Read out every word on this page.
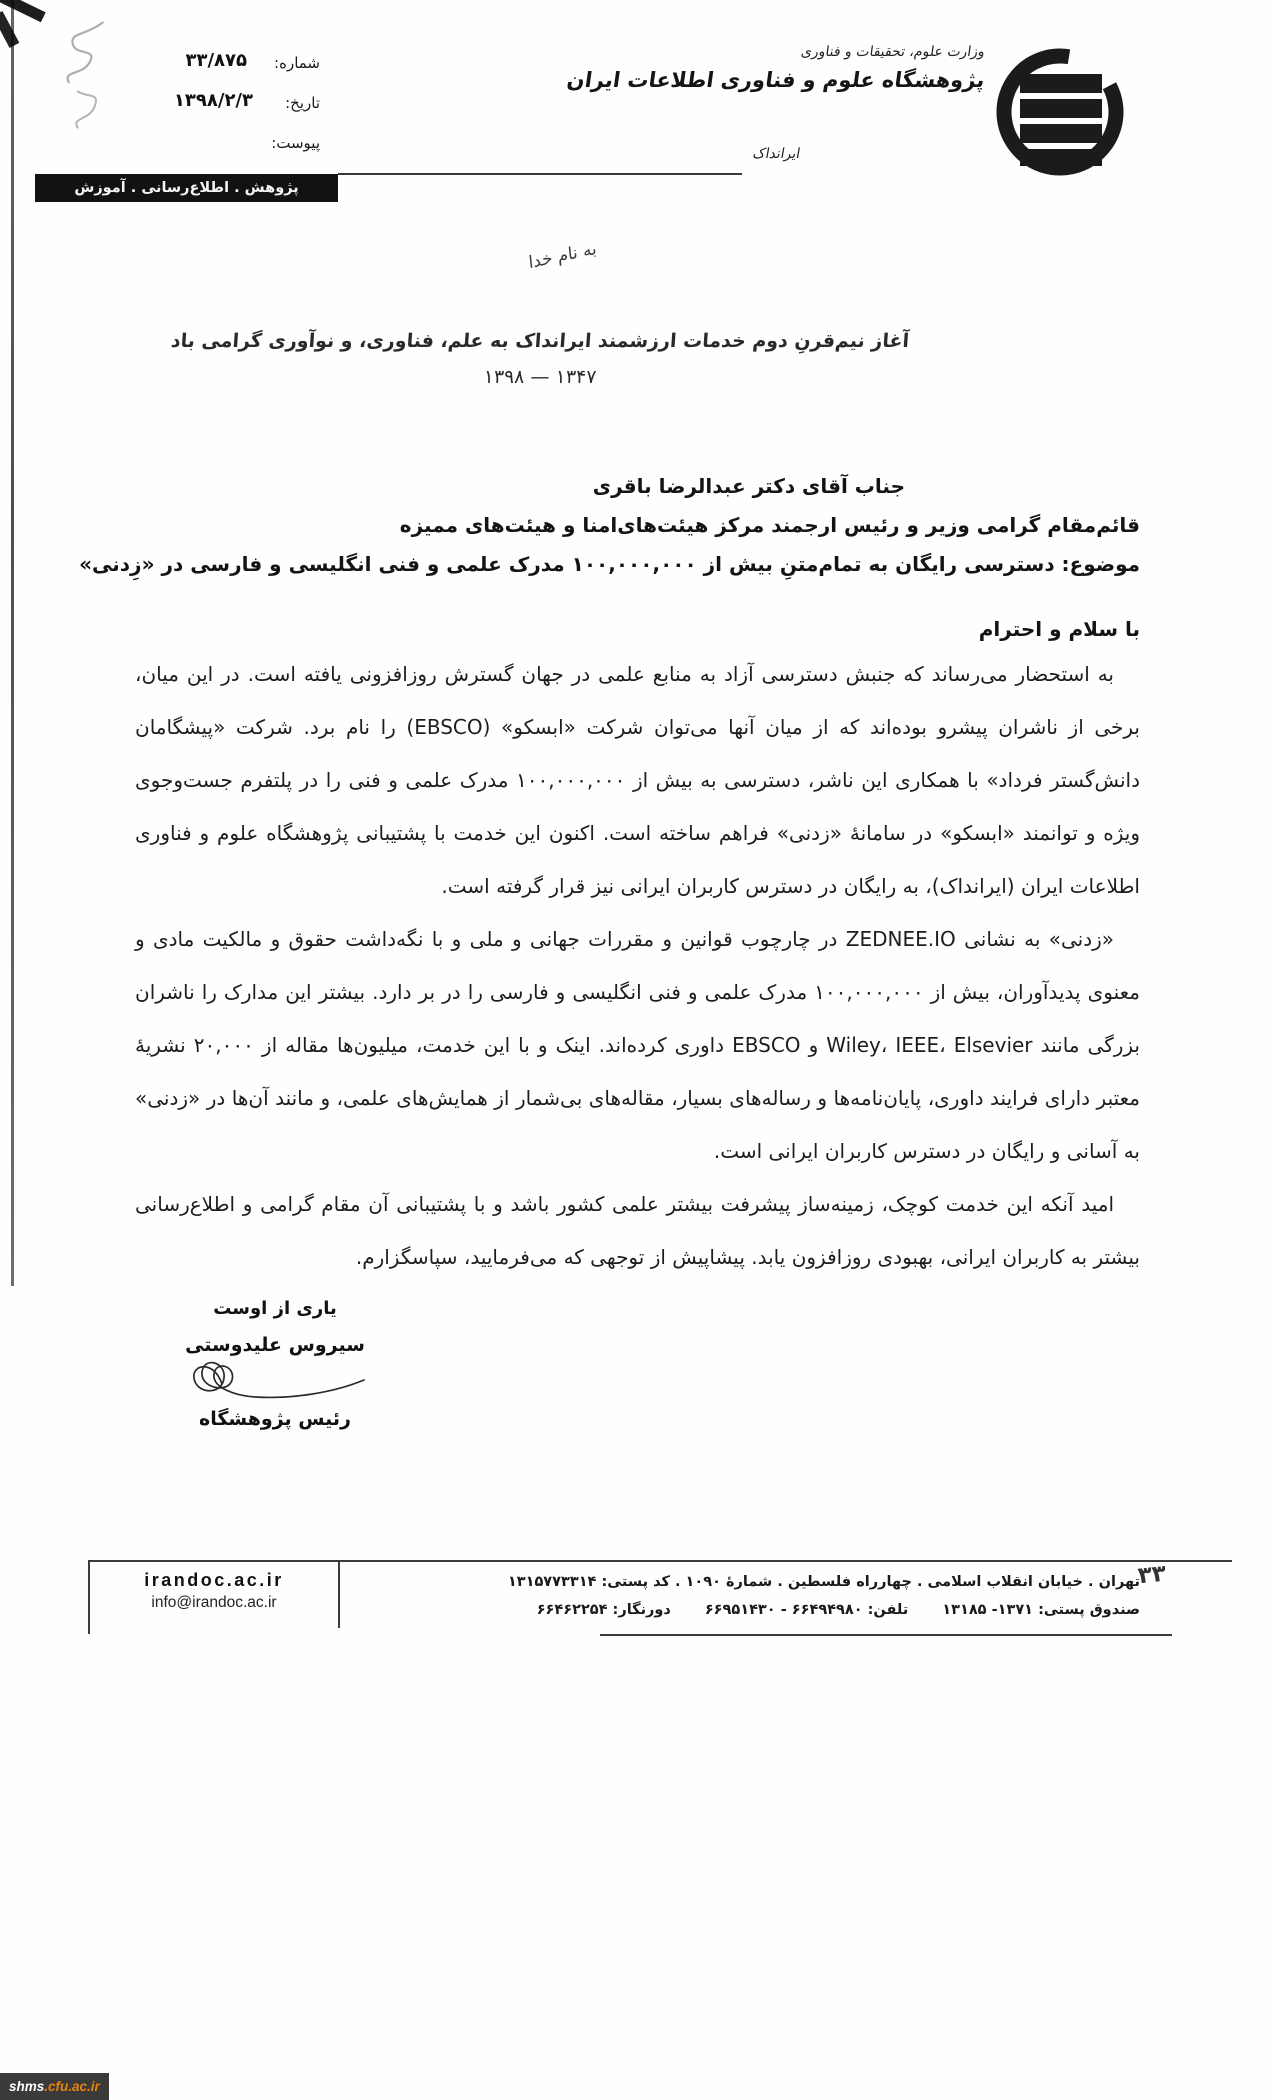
وزارت علوم، تحقیقات و فناوری
پژوهشگاه علوم و فناوری اطلاعات ایران
ایرانداک
شماره:
۳۳/۸۷۵
تاریخ:
۱۳۹۸/۲/۳
پیوست:
پژوهش . اطلاع‌رسانی . آموزش
به نام خدا
آغاز نیم‌قرنِ دوم خدمات ارزشمند ایرانداک به علم، فناوری، و نوآوری گرامی باد
۱۳۴۷ — ۱۳۹۸
جناب آقای دکتر عبدالرضا باقری
قائم‌مقام گرامی وزیر و رئیس ارجمند مرکز هیئت‌های‌امنا و هیئت‌های ممیزه
موضوع: دسترسی رایگان به تمام‌متنِ بیش از ۱۰۰,۰۰۰,۰۰۰ مدرک علمی و فنی انگلیسی و فارسی در «زِدنی»
با سلام و احترام

به استحضار می‌رساند که جنبش دسترسی آزاد به منابع علمی در جهان گسترش روزافزونی یافته است. در این میان، برخی از ناشران پیشرو بوده‌اند که از میان آنها می‌توان شرکت «ابسکو» (EBSCO) را نام برد. شرکت «پیشگامان دانش‌گستر فرداد» با همکاری این ناشر، دسترسی به بیش از ۱۰۰,۰۰۰,۰۰۰ مدرک علمی و فنی را در پلتفرم جست‌وجوی ویژه و توانمند «ابسکو» در سامانهٔ «زدنی» فراهم ساخته است. اکنون این خدمت با پشتیبانی پژوهشگاه علوم و فناوری اطلاعات ایران (ایرانداک)، به رایگان در دسترس کاربران ایرانی نیز قرار گرفته است.

«زدنی» به نشانی ZEDNEE.IO در چارچوب قوانین و مقررات جهانی و ملی و با نگه‌داشت حقوق و مالکیت مادی و معنوی پدیدآوران، بیش از ۱۰۰,۰۰۰,۰۰۰ مدرک علمی و فنی انگلیسی و فارسی را در بر دارد. بیشتر این مدارک را ناشران بزرگی مانند Wiley، IEEE، Elsevier و EBSCO داوری کرده‌اند. اینک و با این خدمت، میلیون‌ها مقاله از ۲۰,۰۰۰ نشریهٔ معتبر دارای فرایند داوری، پایان‌نامه‌ها و رساله‌های بسیار، مقاله‌های بی‌شمار از همایش‌های علمی، و مانند آن‌ها در «زدنی» به آسانی و رایگان در دسترس کاربران ایرانی است.

امید آنکه این خدمت کوچک، زمینه‌ساز پیشرفت بیشتر علمی کشور باشد و با پشتیبانی آن مقام گرامی و اطلاع‌رسانی بیشتر به کاربران ایرانی، بهبودی روزافزون یابد. پیشاپیش از توجهی که می‌فرمایید، سپاسگزارم.

یاری از اوست
سیروس علیدوستی
رئیس پژوهشگاه
irandoc.ac.ir
info@irandoc.ac.ir
تهران . خیابان انقلاب اسلامی . چهارراه فلسطین . شمارهٔ ۱۰۹۰ . کد پستی: ۱۳۱۵۷۷۳۳۱۴
صندوق پستی: ۱۳۷۱- ۱۳۱۸۵تلفن: ۶۶۴۹۴۹۸۰ - ۶۶۹۵۱۴۳۰دورنگار: ۶۶۴۶۲۲۵۴
۳۳
shms.cfu.ac.ir
